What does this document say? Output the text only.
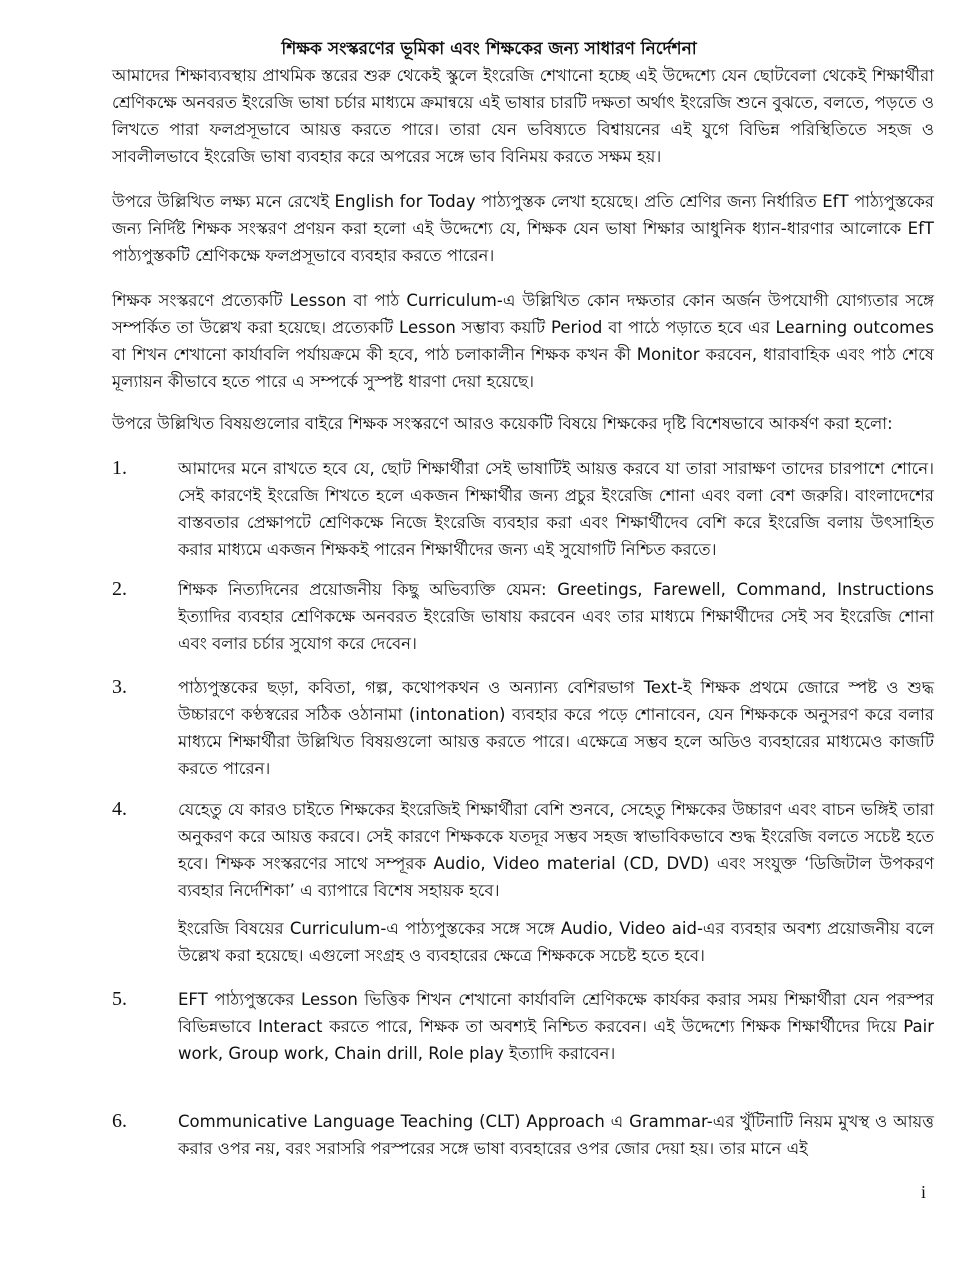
শিক্ষক সংস্করণের ভূমিকা এবং শিক্ষকের জন্য সাধারণ নির্দেশনা

আমাদের শিক্ষাব্যবস্থায় প্রাথমিক স্তরের শুরু থেকেই স্কুলে ইংরেজি শেখানো হচ্ছে এই উদ্দেশ্যে যেন ছোটবেলা থেকেই শিক্ষার্থীরা শ্রেণিকক্ষে অনবরত ইংরেজি ভাষা চর্চার মাধ্যমে ক্রমান্বয়ে এই ভাষার চারটি দক্ষতা অর্থাৎ ইংরেজি শুনে বুঝতে, বলতে, পড়তে ও লিখতে পারা ফলপ্রসূভাবে আয়ত্ত করতে পারে। তারা যেন ভবিষ্যতে বিশ্বায়নের এই যুগে বিভিন্ন পরিস্থিতিতে সহজ ও সাবলীলভাবে ইংরেজি ভাষা ব্যবহার করে অপরের সঙ্গে ভাব বিনিময় করতে সক্ষম হয়।

উপরে উল্লিখিত লক্ষ্য মনে রেখেই English for Today পাঠ্যপুস্তক লেখা হয়েছে। প্রতি শ্রেণির জন্য নির্ধারিত EfT পাঠ্যপুস্তকের জন্য নির্দিষ্ট শিক্ষক সংস্করণ প্রণয়ন করা হলো এই উদ্দেশ্যে যে, শিক্ষক যেন ভাষা শিক্ষার আধুনিক ধ্যান-ধারণার আলোকে EfT পাঠ্যপুস্তকটি শ্রেণিকক্ষে ফলপ্রসূভাবে ব্যবহার করতে পারেন।

শিক্ষক সংস্করণে প্রত্যেকটি Lesson বা পাঠ Curriculum-এ উল্লিখিত কোন দক্ষতার কোন অর্জন উপযোগী যোগ্যতার সঙ্গে সম্পর্কিত তা উল্লেখ করা হয়েছে। প্রত্যেকটি Lesson সম্ভাব্য কয়টি Period বা পাঠে পড়াতে হবে এর Learning outcomes বা শিখন শেখানো কার্যাবলি পর্যায়ক্রমে কী হবে, পাঠ চলাকালীন শিক্ষক কখন কী Monitor করবেন, ধারাবাহিক এবং পাঠ শেষে মূল্যায়ন কীভাবে হতে পারে এ সম্পর্কে সুস্পষ্ট ধারণা দেয়া হয়েছে।

উপরে উল্লিখিত বিষয়গুলোর বাইরে শিক্ষক সংস্করণে আরও কয়েকটি বিষয়ে শিক্ষকের দৃষ্টি বিশেষভাবে আকর্ষণ করা হলো:

1.	আমাদের মনে রাখতে হবে যে, ছোট শিক্ষার্থীরা সেই ভাষাটিই আয়ত্ত করবে যা তারা সারাক্ষণ তাদের চারপাশে শোনে। সেই কারণেই ইংরেজি শিখতে হলে একজন শিক্ষার্থীর জন্য প্রচুর ইংরেজি শোনা এবং বলা বেশ জরুরি। বাংলাদেশের বাস্তবতার প্রেক্ষাপটে শ্রেণিকক্ষে নিজে ইংরেজি ব্যবহার করা এবং শিক্ষার্থীদেব বেশি করে ইংরেজি বলায় উৎসাহিত করার মাধ্যমে একজন শিক্ষকই পারেন শিক্ষার্থীদের জন্য এই সুযোগটি নিশ্চিত করতে।

2.	শিক্ষক নিত্যদিনের প্রয়োজনীয় কিছু অভিব্যক্তি যেমন: Greetings, Farewell, Command, Instructions ইত্যাদির ব্যবহার শ্রেণিকক্ষে অনবরত ইংরেজি ভাষায় করবেন এবং তার মাধ্যমে শিক্ষার্থীদের সেই সব ইংরেজি শোনা এবং বলার চর্চার সুযোগ করে দেবেন।

3.	পাঠ্যপুস্তকের ছড়া, কবিতা, গল্প, কথোপকথন ও অন্যান্য বেশিরভাগ Text-ই শিক্ষক প্রথমে জোরে স্পষ্ট ও শুদ্ধ উচ্চারণে কণ্ঠস্বরের সঠিক ওঠানামা (intonation) ব্যবহার করে পড়ে শোনাবেন, যেন শিক্ষককে অনুসরণ করে বলার মাধ্যমে শিক্ষার্থীরা উল্লিখিত বিষয়গুলো আয়ত্ত করতে পারে। এক্ষেত্রে সম্ভব হলে অডিও ব্যবহারের মাধ্যমেও কাজটি করতে পারেন।

4.	যেহেতু যে কারও চাইতে শিক্ষকের ইংরেজিই শিক্ষার্থীরা বেশি শুনবে, সেহেতু শিক্ষকের উচ্চারণ এবং বাচন ভঙ্গিই তারা অনুকরণ করে আয়ত্ত করবে। সেই কারণে শিক্ষককে যতদূর সম্ভব সহজ স্বাভাবিকভাবে শুদ্ধ ইংরেজি বলতে সচেষ্ট হতে হবে। শিক্ষক সংস্করণের সাথে সম্পূরক Audio, Video material (CD, DVD) এবং সংযুক্ত ‘ডিজিটাল উপকরণ ব্যবহার নির্দেশিকা’ এ ব্যাপারে বিশেষ সহায়ক হবে।

ইংরেজি বিষয়ের Curriculum-এ পাঠ্যপুস্তকের সঙ্গে সঙ্গে Audio, Video aid-এর ব্যবহার অবশ্য প্রয়োজনীয় বলে উল্লেখ করা হয়েছে। এগুলো সংগ্রহ ও ব্যবহারের ক্ষেত্রে শিক্ষককে সচেষ্ট হতে হবে।

5.	EFT পাঠ্যপুস্তকের Lesson ভিত্তিক শিখন শেখানো কার্যাবলি শ্রেণিকক্ষে কার্যকর করার সময় শিক্ষার্থীরা যেন পরস্পর বিভিন্নভাবে Interact করতে পারে, শিক্ষক তা অবশ্যই নিশ্চিত করবেন। এই উদ্দেশ্যে শিক্ষক শিক্ষার্থীদের দিয়ে Pair work, Group work, Chain drill, Role play ইত্যাদি করাবেন।

6.	Communicative Language Teaching (CLT) Approach এ Grammar-এর খুঁটিনাটি নিয়ম মুখস্থ ও আয়ত্ত করার ওপর নয়, বরং সরাসরি পরস্পরের সঙ্গে ভাষা ব্যবহারের ওপর জোর দেয়া হয়। তার মানে এই

i
